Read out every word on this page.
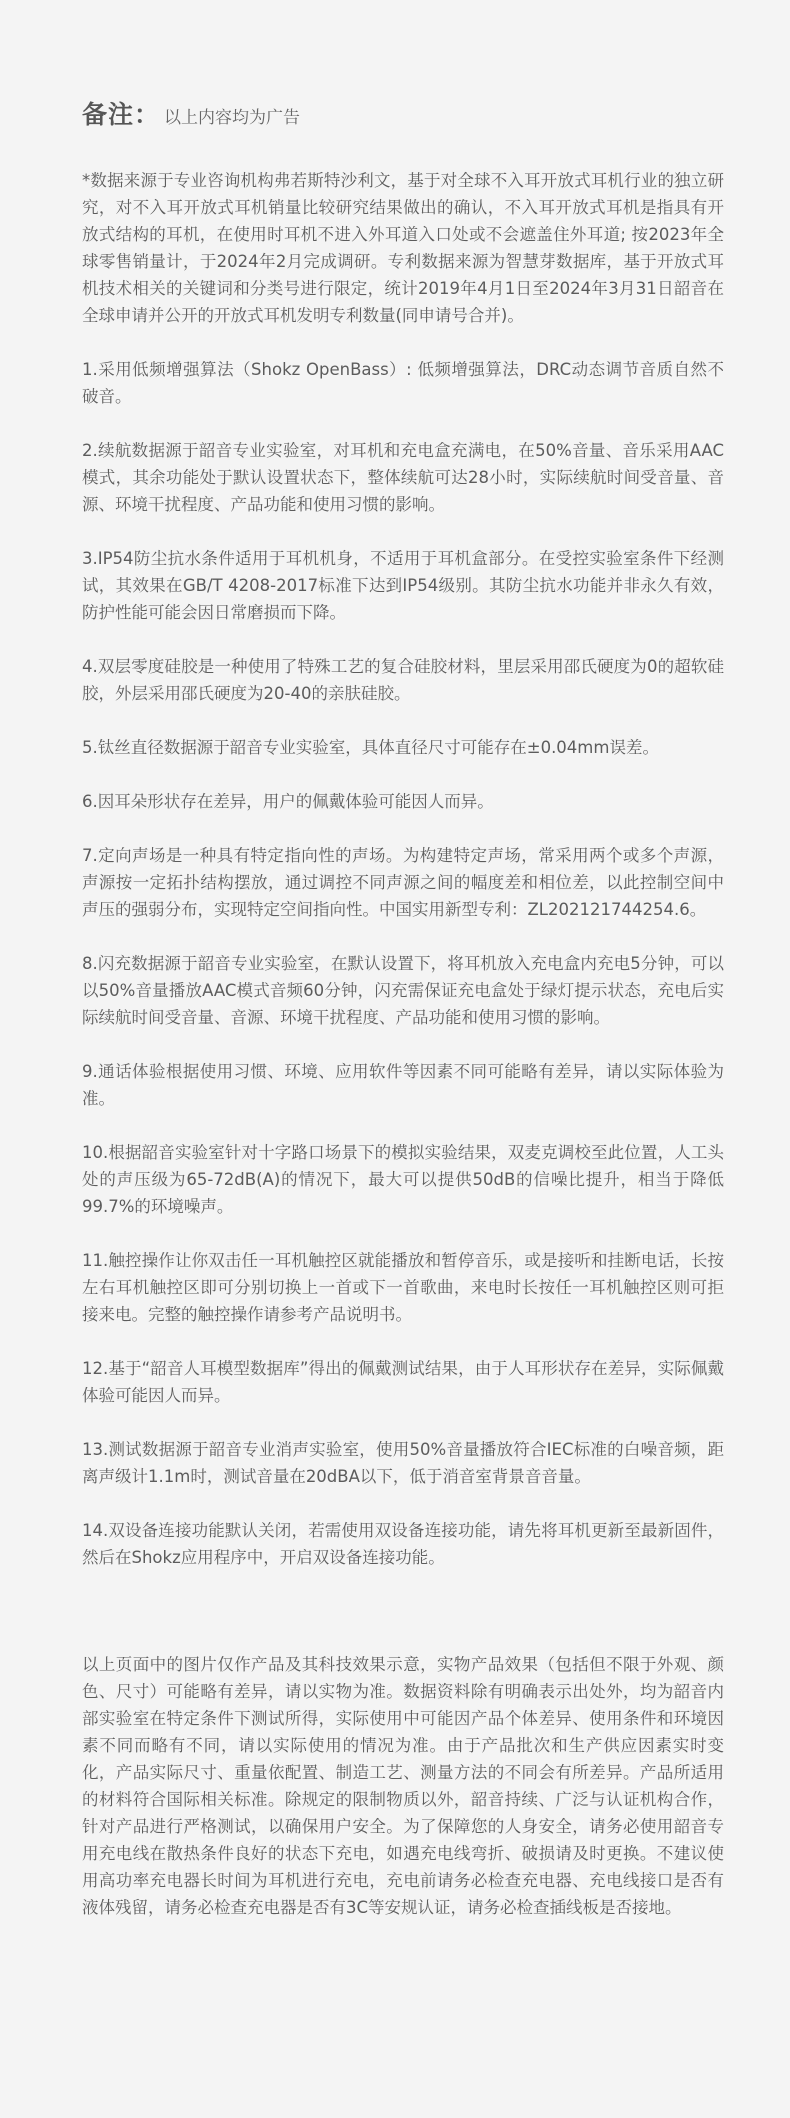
备注： 以上内容均为广告
*数据来源于专业咨询机构弗若斯特沙利文，基于对全球不入耳开放式耳机行业的独立研究，对不入耳开放式耳机销量比较研究结果做出的确认，不入耳开放式耳机是指具有开放式结构的耳机，在使用时耳机不进入外耳道入口处或不会遮盖住外耳道; 按2023年全球零售销量计，于2024年2月完成调研。专利数据来源为智慧芽数据库，基于开放式耳机技术相关的关键词和分类号进行限定，统计2019年4月1日至2024年3月31日韶音在全球申请并公开的开放式耳机发明专利数量(同申请号合并)。
1.采用低频增强算法（Shokz OpenBass）: 低频增强算法，DRC动态调节音质自然不破音。
2.续航数据源于韶音专业实验室，对耳机和充电盒充满电，在50%音量、音乐采用AAC模式，其余功能处于默认设置状态下，整体续航可达28小时，实际续航时间受音量、音源、环境干扰程度、产品功能和使用习惯的影响。
3.IP54防尘抗水条件适用于耳机机身，不适用于耳机盒部分。在受控实验室条件下经测试，其效果在GB/T 4208-2017标准下达到IP54级别。其防尘抗水功能并非永久有效，防护性能可能会因日常磨损而下降。
4.双层零度硅胶是一种使用了特殊工艺的复合硅胶材料，里层采用邵氏硬度为0的超软硅胶，外层采用邵氏硬度为20-40的亲肤硅胶。
5.钛丝直径数据源于韶音专业实验室，具体直径尺寸可能存在±0.04mm误差。
6.因耳朵形状存在差异，用户的佩戴体验可能因人而异。
7.定向声场是一种具有特定指向性的声场。为构建特定声场，常采用两个或多个声源，声源按一定拓扑结构摆放，通过调控不同声源之间的幅度差和相位差，以此控制空间中声压的强弱分布，实现特定空间指向性。中国实用新型专利：ZL202121744254.6。
8.闪充数据源于韶音专业实验室，在默认设置下，将耳机放入充电盒内充电5分钟，可以以50%音量播放AAC模式音频60分钟，闪充需保证充电盒处于绿灯提示状态，充电后实际续航时间受音量、音源、环境干扰程度、产品功能和使用习惯的影响。
9.通话体验根据使用习惯、环境、应用软件等因素不同可能略有差异，请以实际体验为准。
10.根据韶音实验室针对十字路口场景下的模拟实验结果，双麦克调校至此位置，人工头处的声压级为65-72dB(A)的情况下，最大可以提供50dB的信噪比提升，相当于降低99.7%的环境噪声。
11.触控操作让你双击任一耳机触控区就能播放和暂停音乐，或是接听和挂断电话，长按左右耳机触控区即可分别切换上一首或下一首歌曲，来电时长按任一耳机触控区则可拒接来电。完整的触控操作请参考产品说明书。
12.基于“韶音人耳模型数据库”得出的佩戴测试结果，由于人耳形状存在差异，实际佩戴体验可能因人而异。
13.测试数据源于韶音专业消声实验室，使用50%音量播放符合IEC标准的白噪音频，距离声级计1.1m时，测试音量在20dBA以下，低于消音室背景音音量。
14.双设备连接功能默认关闭，若需使用双设备连接功能，请先将耳机更新至最新固件，然后在Shokz应用程序中，开启双设备连接功能。

以上页面中的图片仅作产品及其科技效果示意，实物产品效果（包括但不限于外观、颜色、尺寸）可能略有差异，请以实物为准。数据资料除有明确表示出处外，均为韶音内部实验室在特定条件下测试所得，实际使用中可能因产品个体差异、使用条件和环境因素不同而略有不同，请以实际使用的情况为准。由于产品批次和生产供应因素实时变化，产品实际尺寸、重量依配置、制造工艺、测量方法的不同会有所差异。产品所适用的材料符合国际相关标准。除规定的限制物质以外，韶音持续、广泛与认证机构合作，针对产品进行严格测试，以确保用户安全。为了保障您的人身安全，请务必使用韶音专用充电线在散热条件良好的状态下充电，如遇充电线弯折、破损请及时更换。不建议使用高功率充电器长时间为耳机进行充电，充电前请务必检查充电器、充电线接口是否有液体残留，请务必检查充电器是否有3C等安规认证，请务必检查插线板是否接地。
